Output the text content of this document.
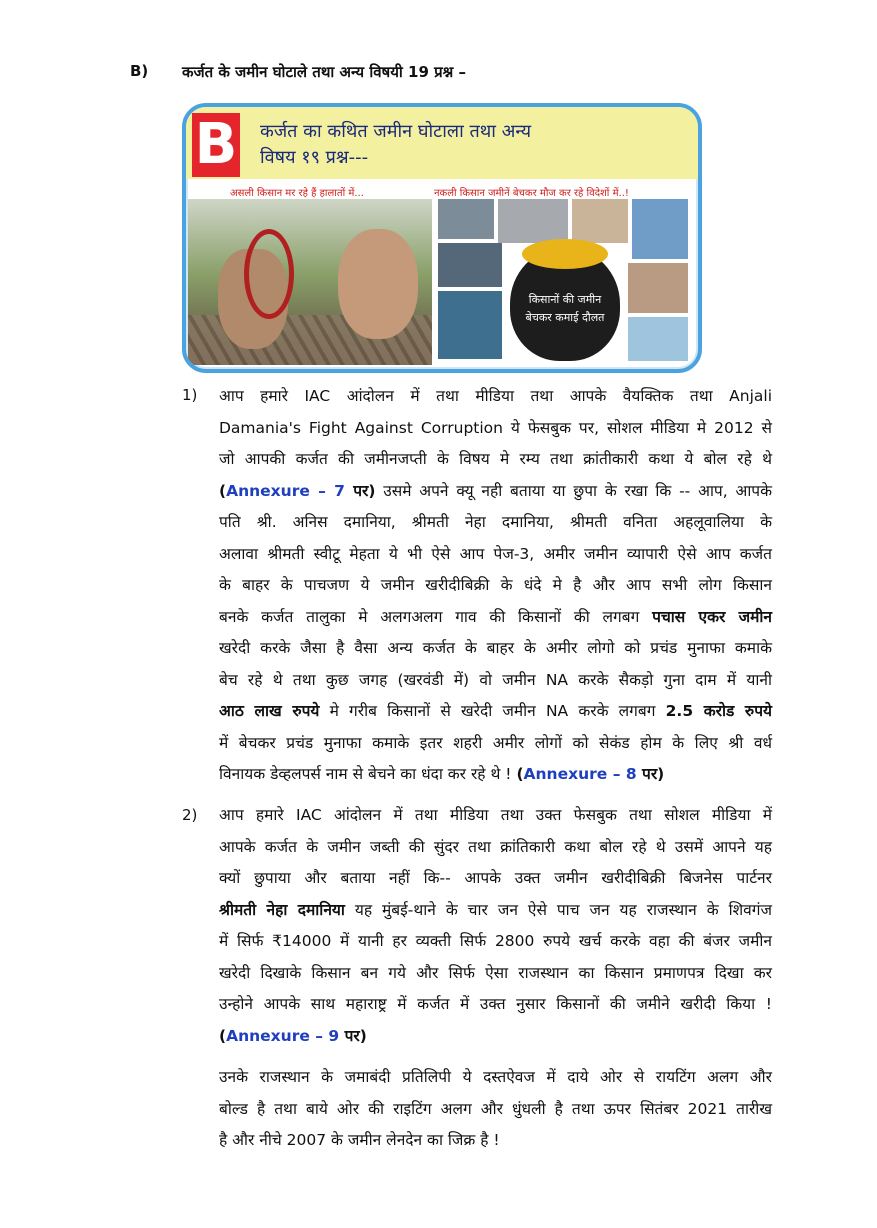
B) कर्जत के जमीन घोटाले तथा अन्य विषयी 19 प्रश्न –
B कर्जत का कथित जमीन घोटाला तथा अन्य
विषय १९ प्रश्न---
असली किसान मर रहे हैं हालातों में...	नकली किसान जमीनें बेचकर मौज कर रहे विदेशों में..!
किसानों की जमीन
बेचकर कमाई दौलत
1) आप हमारे IAC आंदोलन में तथा मीडिया तथा आपके वैयक्तिक तथा Anjali
Damania's Fight Against Corruption ये फेसबुक पर, सोशल मीडिया मे 2012 से
जो आपकी कर्जत की जमीनजप्ती के विषय मे रम्य तथा क्रांतीकारी कथा ये बोल रहे थे
(Annexure – 7 पर) उसमे अपने क्यू नही बताया या छुपा के रखा कि -- आप, आपके
पति श्री. अनिस दमानिया, श्रीमती नेहा दमानिया, श्रीमती वनिता अहलूवालिया के
अलावा श्रीमती स्वीटू मेहता ये भी ऐसे आप पेज-3, अमीर जमीन व्यापारी ऐसे आप कर्जत
के बाहर के पाचजण ये जमीन खरीदीबिक्री के धंदे मे है और आप सभी लोग किसान
बनके कर्जत तालुका मे अलगअलग गाव की किसानों की लगबग पचास एकर जमीन
खरेदी करके जैसा है वैसा अन्य कर्जत के बाहर के अमीर लोगो को प्रचंड मुनाफा कमाके
बेच रहे थे तथा कुछ जगह (खरवंडी में) वो जमीन NA करके सैकड़ो गुना दाम में यानी
आठ लाख रुपये मे गरीब किसानों से खरेदी जमीन NA करके लगबग 2.5 करोड रुपये
में बेचकर प्रचंड मुनाफा कमाके इतर शहरी अमीर लोगों को सेकंड होम के लिए श्री वर्ध
विनायक डेव्हलपर्स नाम से बेचने का धंदा कर रहे थे ! (Annexure – 8 पर)
2) आप हमारे IAC आंदोलन में तथा मीडिया तथा उक्त फेसबुक तथा सोशल मीडिया में
आपके कर्जत के जमीन जब्ती की सुंदर तथा क्रांतिकारी कथा बोल रहे थे उसमें आपने यह
क्यों छुपाया और बताया नहीं कि-- आपके उक्त जमीन खरीदीबिक्री बिजनेस पार्टनर
श्रीमती नेहा दमानिया यह मुंबई-थाने के चार जन ऐसे पाच जन यह राजस्थान के शिवगंज
में सिर्फ ₹14000 में यानी हर व्यक्ती सिर्फ 2800 रुपये खर्च करके वहा की बंजर जमीन
खरेदी दिखाके किसान बन गये और सिर्फ ऐसा राजस्थान का किसान प्रमाणपत्र दिखा कर
उन्होने आपके साथ महाराष्ट्र में कर्जत में उक्त नुसार किसानों की जमीने खरीदी किया !
(Annexure – 9 पर)
उनके राजस्थान के जमाबंदी प्रतिलिपी ये दस्तऐवज में दाये ओर से रायटिंग अलग और
बोल्ड है तथा बाये ओर की राइटिंग अलग और धुंधली है तथा ऊपर सितंबर 2021 तारीख
है और नीचे 2007 के जमीन लेनदेन का जिक्र है !
